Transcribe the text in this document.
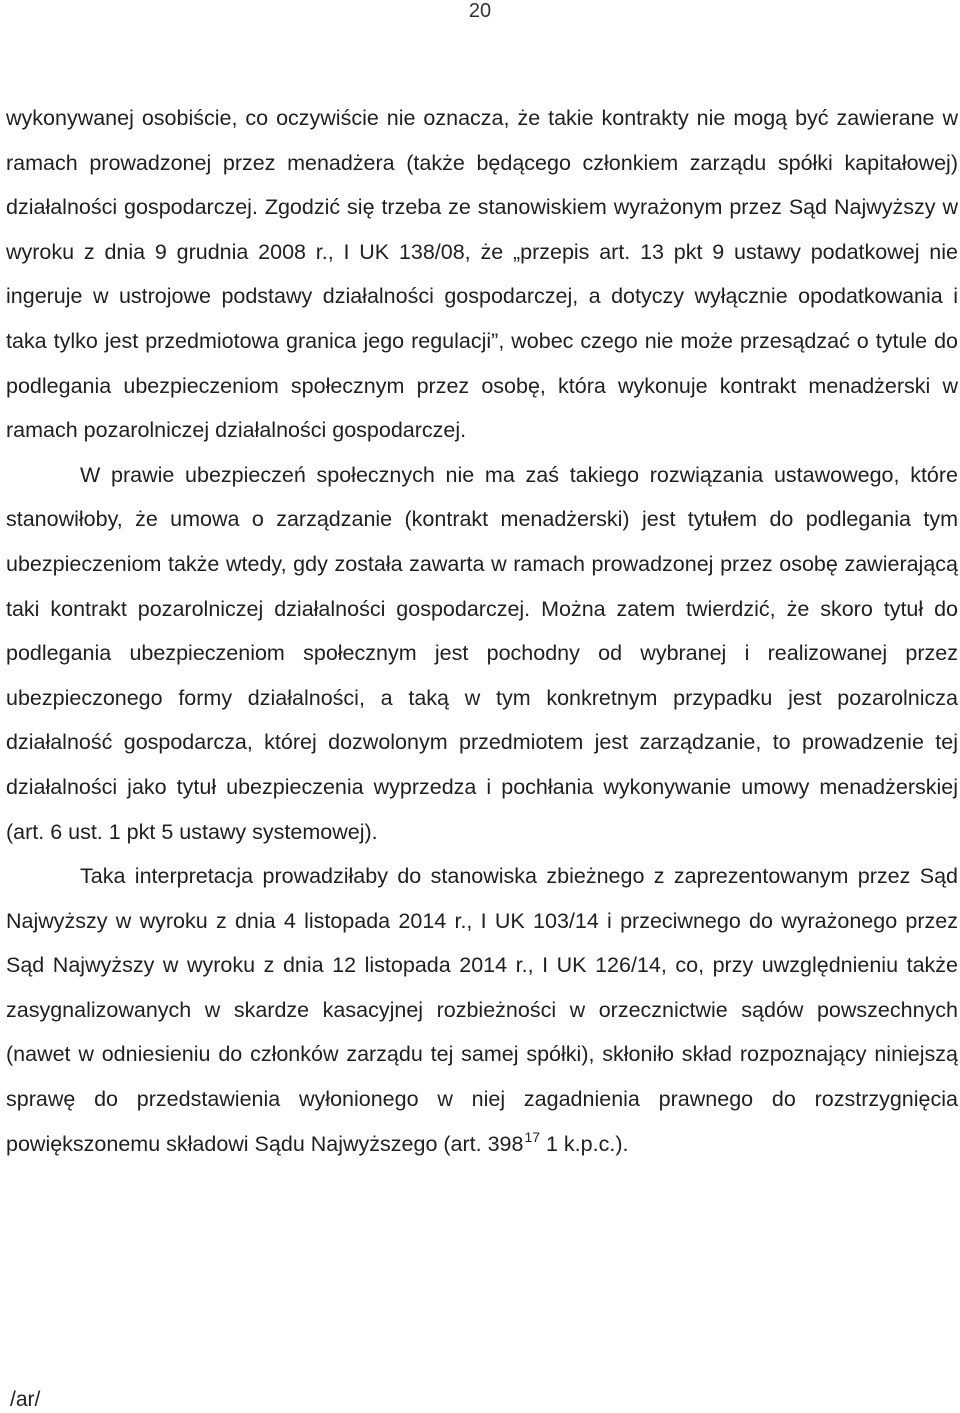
20

wykonywanej osobiście, co oczywiście nie oznacza, że takie kontrakty nie mogą być zawierane w ramach prowadzonej przez menadżera (także będącego członkiem zarządu spółki kapitałowej) działalności gospodarczej. Zgodzić się trzeba ze stanowiskiem wyrażonym przez Sąd Najwyższy w wyroku z dnia 9 grudnia 2008 r., I UK 138/08, że „przepis art. 13 pkt 9 ustawy podatkowej nie ingeruje w ustrojowe podstawy działalności gospodarczej, a dotyczy wyłącznie opodatkowania i taka tylko jest przedmiotowa granica jego regulacji”, wobec czego nie może przesądzać o tytule do podlegania ubezpieczeniom społecznym przez osobę, która wykonuje kontrakt menadżerski w ramach pozarolniczej działalności gospodarczej.

W prawie ubezpieczeń społecznych nie ma zaś takiego rozwiązania ustawowego, które stanowiłoby, że umowa o zarządzanie (kontrakt menadżerski) jest tytułem do podlegania tym ubezpieczeniom także wtedy, gdy została zawarta w ramach prowadzonej przez osobę zawierającą taki kontrakt pozarolniczej działalności gospodarczej. Można zatem twierdzić, że skoro tytuł do podlegania ubezpieczeniom społecznym jest pochodny od wybranej i realizowanej przez ubezpieczonego formy działalności, a taką w tym konkretnym przypadku jest pozarolnicza działalność gospodarcza, której dozwolonym przedmiotem jest zarządzanie, to prowadzenie tej działalności jako tytuł ubezpieczenia wyprzedza i pochłania wykonywanie umowy menadżerskiej (art. 6 ust. 1 pkt 5 ustawy systemowej).

Taka interpretacja prowadziłaby do stanowiska zbieżnego z zaprezentowanym przez Sąd Najwyższy w wyroku z dnia 4 listopada 2014 r., I UK 103/14 i przeciwnego do wyrażonego przez Sąd Najwyższy w wyroku z dnia 12 listopada 2014 r., I UK 126/14, co, przy uwzględnieniu także zasygnalizowanych w skardze kasacyjnej rozbieżności w orzecznictwie sądów powszechnych (nawet w odniesieniu do członków zarządu tej samej spółki), skłoniło skład rozpoznający niniejszą sprawę do przedstawienia wyłonionego w niej zagadnienia prawnego do rozstrzygnięcia powiększonemu składowi Sądu Najwyższego (art. $398^{17}$ 1 k.p.c.).

/ar/
